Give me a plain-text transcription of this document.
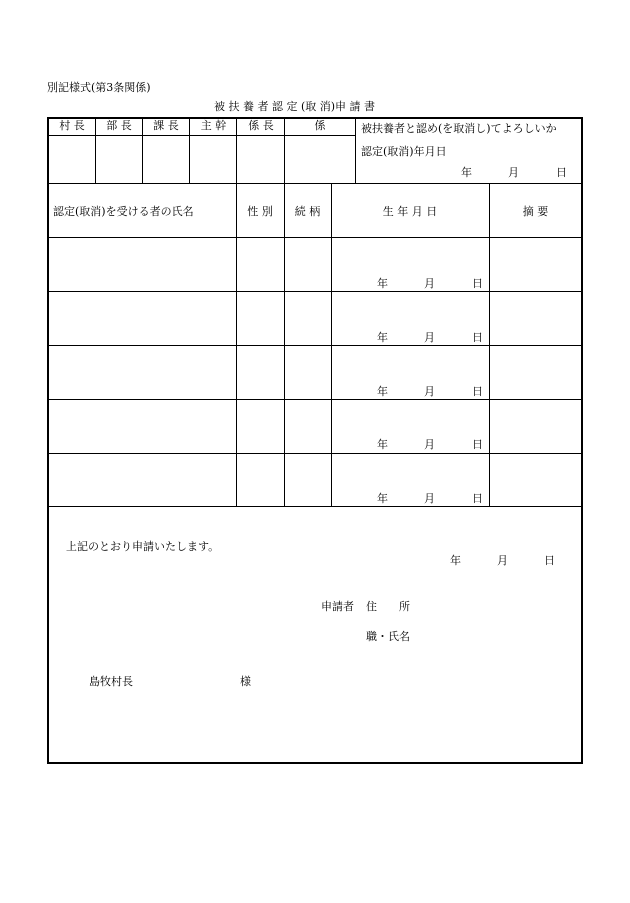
別記様式(第3条関係)
被 扶 養 者 認 定 (取 消)申 請 書
村 長	部 長	課 長	主 幹	係 長	係	被扶養者と認め(を取消し)てよろしいか
認定(取消)年月日
年	月	日
認定(取消)を受ける者の氏名	性 別	続 柄	生 年 月 日	摘 要
年	月	日
年	月	日
年	月	日
年	月	日
年	月	日
上記のとおり申請いたします。
年	月	日
申請者 住　　所
職・氏名
島牧村長	様
